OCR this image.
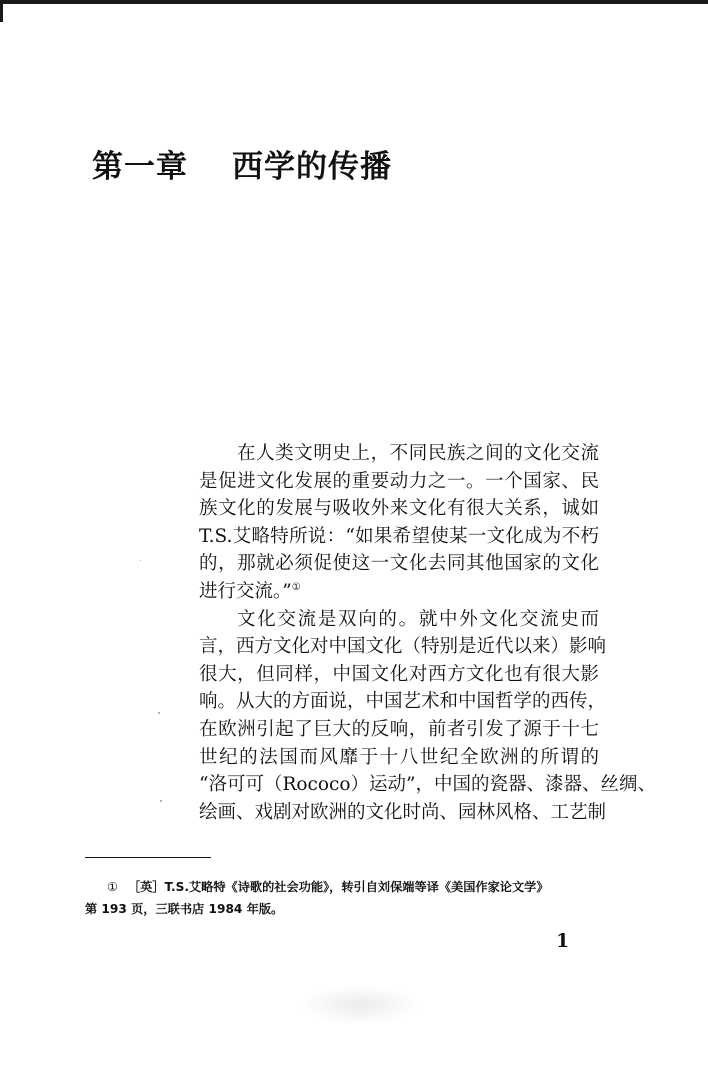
第一章 西学的传播
在人类文明史上，不同民族之间的文化交流
是促进文化发展的重要动力之一。一个国家、民
族文化的发展与吸收外来文化有很大关系，诚如
T.S.艾略特所说：“如果希望使某一文化成为不朽
的，那就必须促使这一文化去同其他国家的文化
进行交流。”①
文化交流是双向的。就中外文化交流史而
言，西方文化对中国文化（特别是近代以来）影响
很大，但同样，中国文化对西方文化也有很大影
响。从大的方面说，中国艺术和中国哲学的西传，
在欧洲引起了巨大的反响，前者引发了源于十七
世纪的法国而风靡于十八世纪全欧洲的所谓的
“洛可可（Rococo）运动”，中国的瓷器、漆器、丝绸、
绘画、戏剧对欧洲的文化时尚、园林风格、工艺制
① ［英］T.S.艾略特《诗歌的社会功能》，转引自刘保端等译《美国作家论文学》
第 193 页，三联书店 1984 年版。
1
